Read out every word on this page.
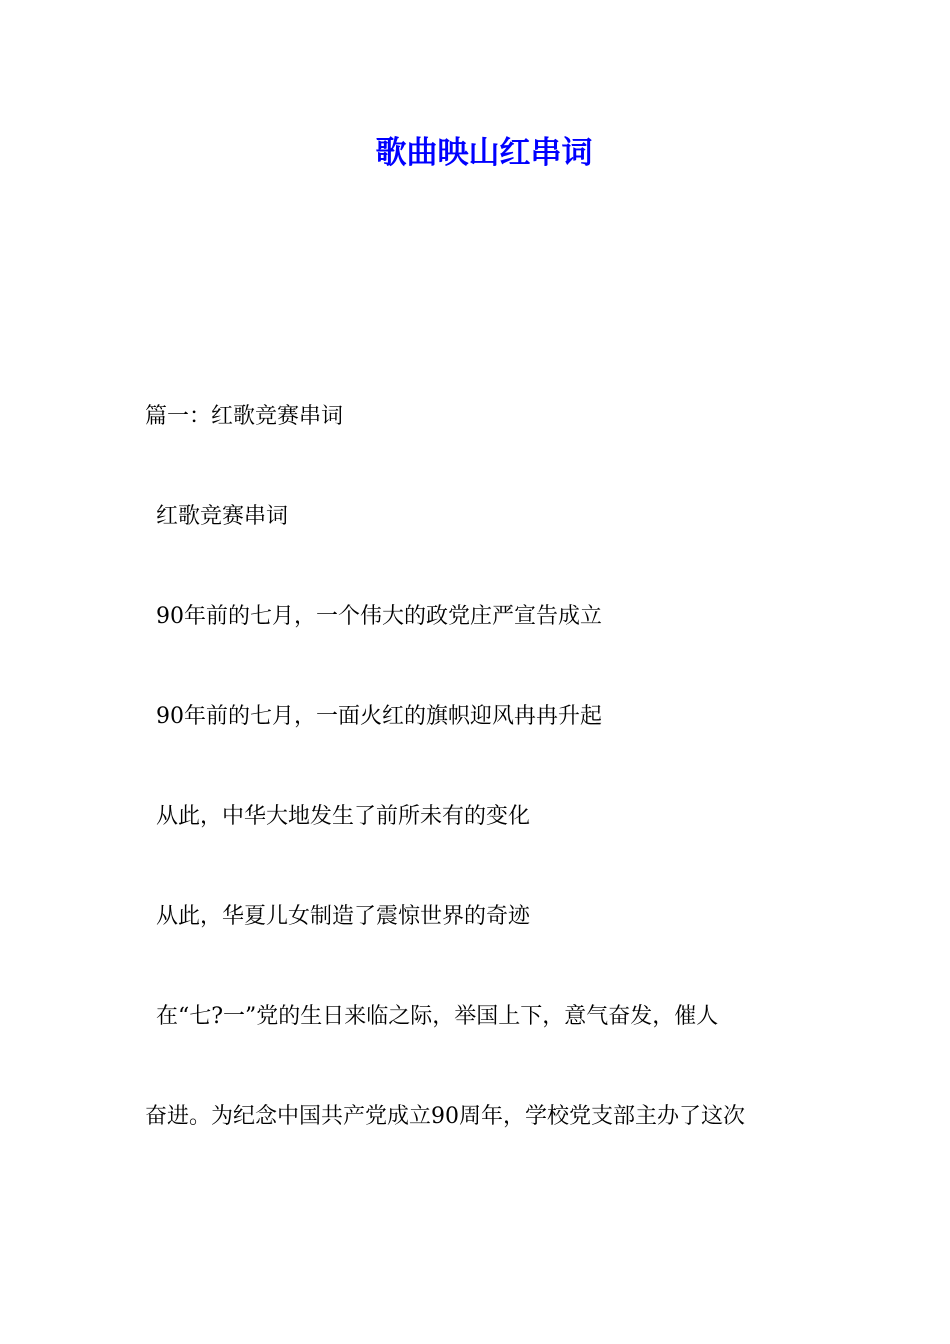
歌曲映山红串词

篇一：红歌竞赛串词

红歌竞赛串词

90年前的七月，一个伟大的政党庄严宣告成立

90年前的七月，一面火红的旗帜迎风冉冉升起

从此，中华大地发生了前所未有的变化

从此，华夏儿女制造了震惊世界的奇迹

在“七?一”党的生日来临之际，举国上下，意气奋发，催人

奋进。为纪念中国共产党成立90周年，学校党支部主办了这次
